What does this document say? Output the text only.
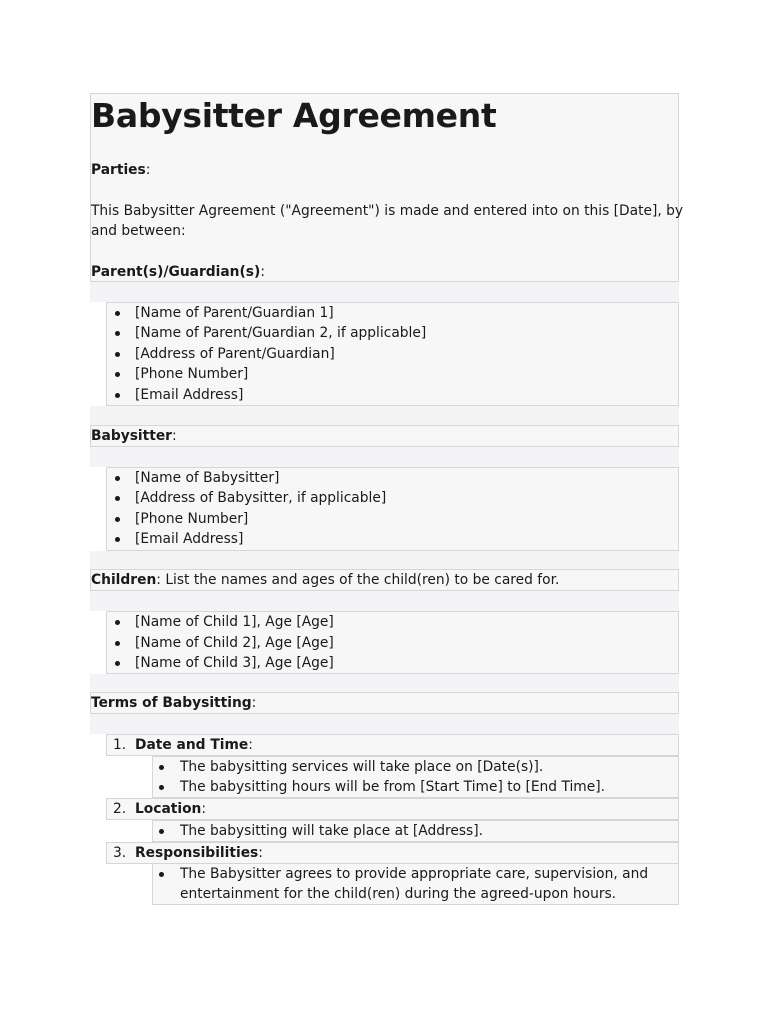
Babysitter Agreement
Parties:
This Babysitter Agreement ("Agreement") is made and entered into on this [Date], by
and between:
Parent(s)/Guardian(s):
[Name of Parent/Guardian 1]
[Name of Parent/Guardian 2, if applicable]
[Address of Parent/Guardian]
[Phone Number]
[Email Address]
Babysitter:
[Name of Babysitter]
[Address of Babysitter, if applicable]
[Phone Number]
[Email Address]
Children: List the names and ages of the child(ren) to be cared for.
[Name of Child 1], Age [Age]
[Name of Child 2], Age [Age]
[Name of Child 3], Age [Age]
Terms of Babysitting:
1. Date and Time:
The babysitting services will take place on [Date(s)].
The babysitting hours will be from [Start Time] to [End Time].
2. Location:
The babysitting will take place at [Address].
3. Responsibilities:
The Babysitter agrees to provide appropriate care, supervision, and
entertainment for the child(ren) during the agreed-upon hours.
